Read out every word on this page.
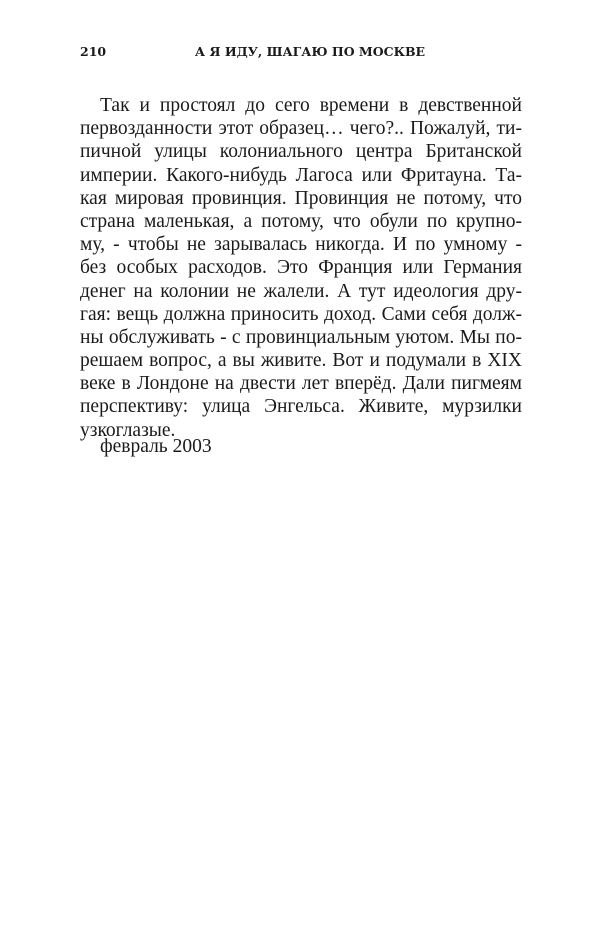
210	А Я ИДУ, ШАГАЮ ПО МОСКВЕ
Так и простоял до сего времени в девственной
первозданности этот образец… чего?.. Пожалуй, ти-
пичной улицы колониального центра Британской
империи. Какого-нибудь Лагоса или Фритауна. Та-
кая мировая провинция. Провинция не потому, что
страна маленькая, а потому, что обули по крупно-
му, - чтобы не зарывалась никогда. И по умному -
без особых расходов. Это Франция или Германия
денег на колонии не жалели. А тут идеология дру-
гая: вещь должна приносить доход. Сами себя долж-
ны обслуживать - с провинциальным уютом. Мы по-
решаем вопрос, а вы живите. Вот и подумали в XIX
веке в Лондоне на двести лет вперёд. Дали пигмеям
перспективу: улица Энгельса. Живите, мурзилки
узкоглазые.
февраль 2003
